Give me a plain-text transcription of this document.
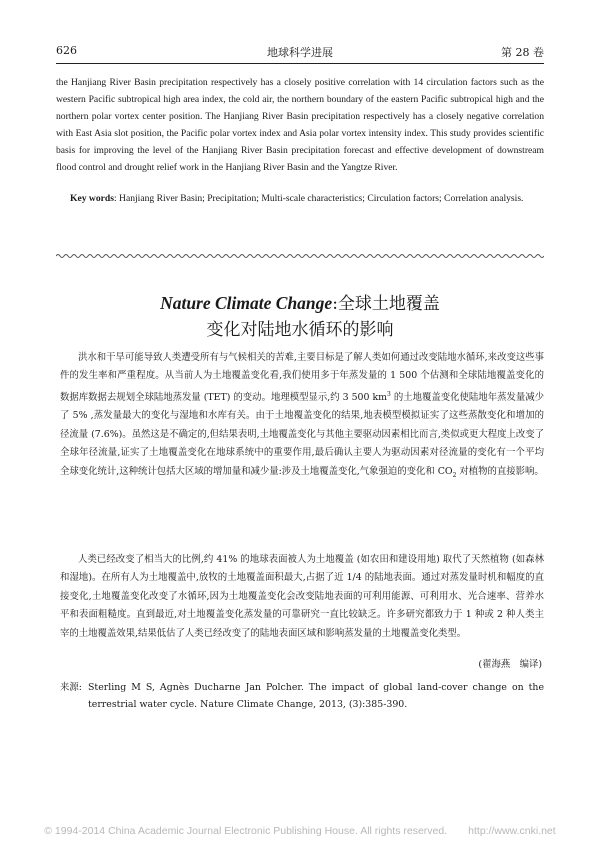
626	地球科学进展	第 28 卷
the Hanjiang River Basin precipitation respectively has a closely positive correlation with 14 circulation factors such as the western Pacific subtropical high area index, the cold air, the northern boundary of the eastern Pacific subtropical high and the northern polar vortex center position. The Hanjiang River Basin precipitation respectively has a closely negative correlation with East Asia slot position, the Pacific polar vortex index and Asia polar vortex intensity index. This study provides scientific basis for improving the level of the Hanjiang River Basin precipitation forecast and effective development of downstream flood control and drought relief work in the Hanjiang River Basin and the Yangtze River.
Key words: Hanjiang River Basin; Precipitation; Multi-scale characteristics; Circulation factors; Correlation analysis.
Nature Climate Change:全球土地覆盖
变化对陆地水循环的影响
洪水和干旱可能导致人类遭受所有与气候相关的苦难,主要目标是了解人类如何通过改变陆地水循环,来改变这些事件的发生率和严重程度。从当前人为土地覆盖变化看,我们使用多于年蒸发量的 1 500 个估测和全球陆地覆盖变化的数据库数据去规划全球陆地蒸发量 (TET) 的变动。地理模型显示,约 3 500 $km^3$ 的土地覆盖变化使陆地年蒸发量减少了 5% ,蒸发量最大的变化与湿地和水库有关。由于土地覆盖变化的结果,地表模型模拟证实了这些蒸散变化和增加的径流量 (7.6%)。虽然这是不确定的,但结果表明,土地覆盖变化与其他主要驱动因素相比而言,类似或更大程度上改变了全球年径流量,证实了土地覆盖变化在地球系统中的重要作用,最后确认主要人为驱动因素对径流量的变化有一个平均全球变化统计,这种统计包括大区域的增加量和减少量:涉及土地覆盖变化,气象强迫的变化和 $CO_2$ 对植物的直接影响。
人类已经改变了相当大的比例,约 41% 的地球表面被人为土地覆盖 (如农田和建设用地) 取代了天然植物 (如森林和湿地)。在所有人为土地覆盖中,放牧的土地覆盖面积最大,占据了近 1/4 的陆地表面。通过对蒸发量时机和幅度的直接变化,土地覆盖变化改变了水循环,因为土地覆盖变化会改变陆地表面的可利用能源、可利用水、光合速率、营养水平和表面粗糙度。直到最近,对土地覆盖变化蒸发量的可靠研究一直比较缺乏。许多研究都致力于 1 种或 2 种人类主宰的土地覆盖效果,结果低估了人类已经改变了的陆地表面区域和影响蒸发量的土地覆盖变化类型。
(翟海燕　编译)
来源: Sterling M S, Agnès Ducharne Jan Polcher. The impact of global land-cover change on the terrestrial water cycle. Nature Climate Change, 2013, (3):385-390.
© 1994-2014 China Academic Journal Electronic Publishing House. All rights reserved.　　http://www.cnki.net
